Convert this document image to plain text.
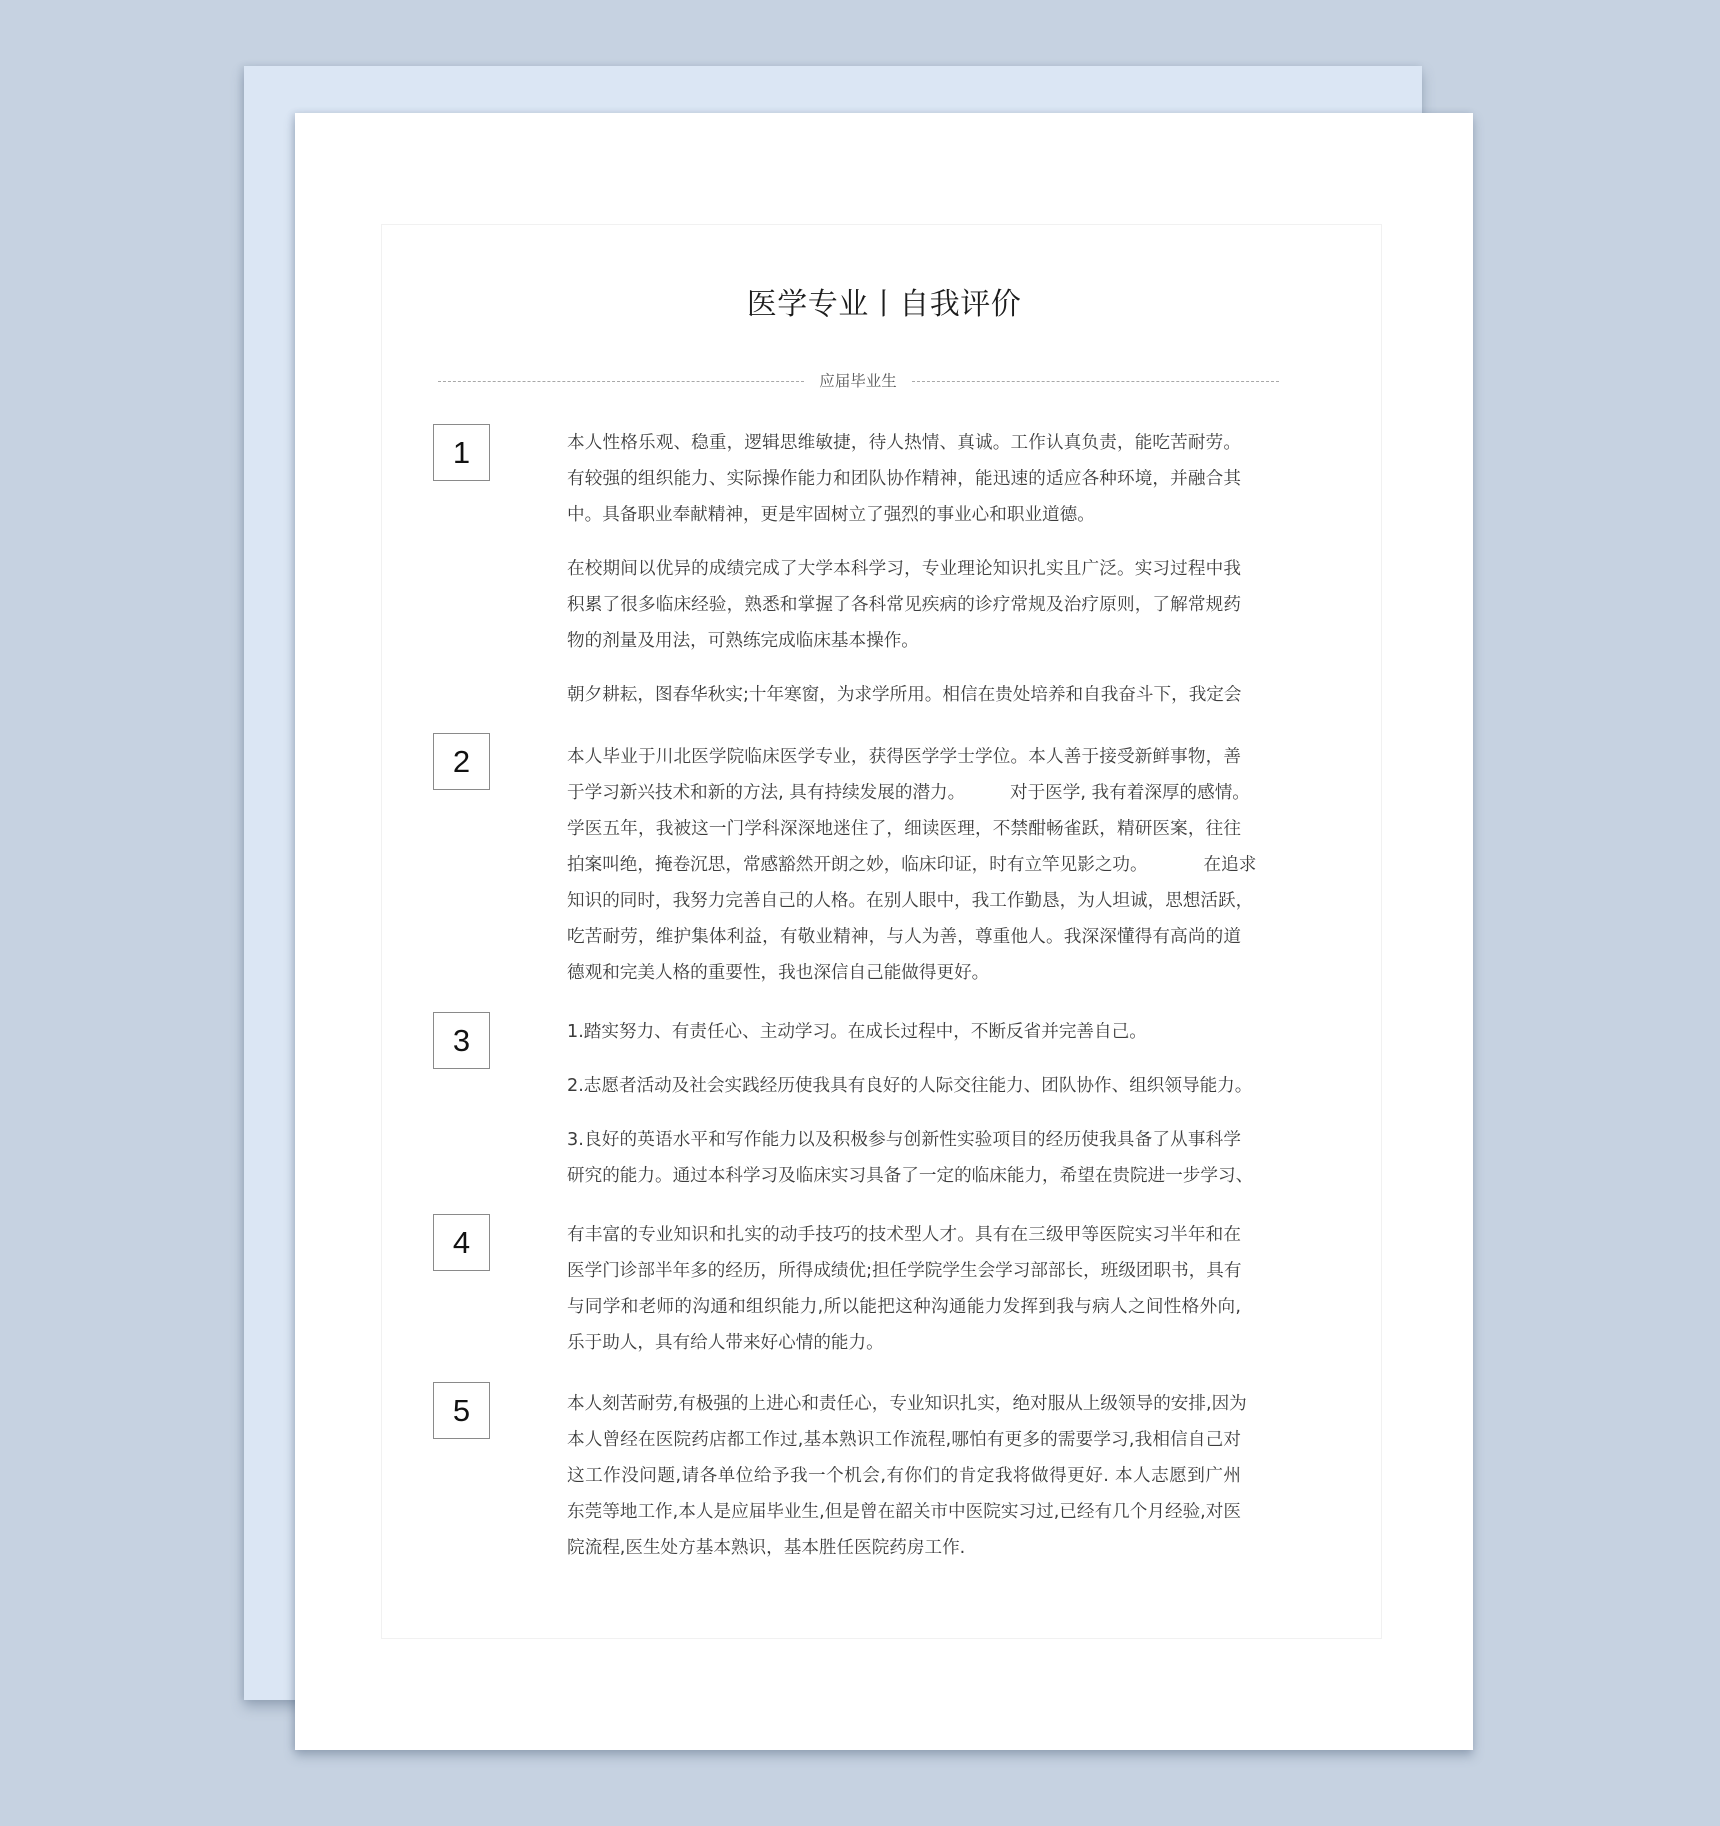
医学专业丨自我评价
应届毕业生
1	本人性格乐观、稳重，逻辑思维敏捷，待人热情、真诚。工作认真负责，能吃苦耐劳。
有较强的组织能力、实际操作能力和团队协作精神，能迅速的适应各种环境，并融合其
中。具备职业奉献精神，更是牢固树立了强烈的事业心和职业道德。
在校期间以优异的成绩完成了大学本科学习，专业理论知识扎实且广泛。实习过程中我
积累了很多临床经验，熟悉和掌握了各科常见疾病的诊疗常规及治疗原则，了解常规药
物的剂量及用法，可熟练完成临床基本操作。
朝夕耕耘，图春华秋实;十年寒窗，为求学所用。相信在贵处培养和自我奋斗下，我定会
2	本人毕业于川北医学院临床医学专业，获得医学学士学位。本人善于接受新鲜事物，善
于学习新兴技术和新的方法, 具有持续发展的潜力。        对于医学, 我有着深厚的感情。
学医五年，我被这一门学科深深地迷住了，细读医理，不禁酣畅雀跃，精研医案，往往
拍案叫绝，掩卷沉思，常感豁然开朗之妙，临床印证，时有立竿见影之功。          在追求
知识的同时，我努力完善自己的人格。在别人眼中，我工作勤恳，为人坦诚，思想活跃，
吃苦耐劳，维护集体利益，有敬业精神，与人为善，尊重他人。我深深懂得有高尚的道
德观和完美人格的重要性，我也深信自己能做得更好。
3	1.踏实努力、有责任心、主动学习。在成长过程中，不断反省并完善自己。
2.志愿者活动及社会实践经历使我具有良好的人际交往能力、团队协作、组织领导能力。
3.良好的英语水平和写作能力以及积极参与创新性实验项目的经历使我具备了从事科学
研究的能力。通过本科学习及临床实习具备了一定的临床能力，希望在贵院进一步学习、
4	有丰富的专业知识和扎实的动手技巧的技术型人才。具有在三级甲等医院实习半年和在
医学门诊部半年多的经历，所得成绩优;担任学院学生会学习部部长，班级团职书，具有
与同学和老师的沟通和组织能力,所以能把这种沟通能力发挥到我与病人之间性格外向,
乐于助人，具有给人带来好心情的能力。
5	本人刻苦耐劳,有极强的上进心和责任心，专业知识扎实，绝对服从上级领导的安排,因为
本人曾经在医院药店都工作过,基本熟识工作流程,哪怕有更多的需要学习,我相信自己对
这工作没问题,请各单位给予我一个机会,有你们的肯定我将做得更好. 本人志愿到广州
东莞等地工作,本人是应届毕业生,但是曾在韶关市中医院实习过,已经有几个月经验,对医
院流程,医生处方基本熟识，基本胜任医院药房工作.
